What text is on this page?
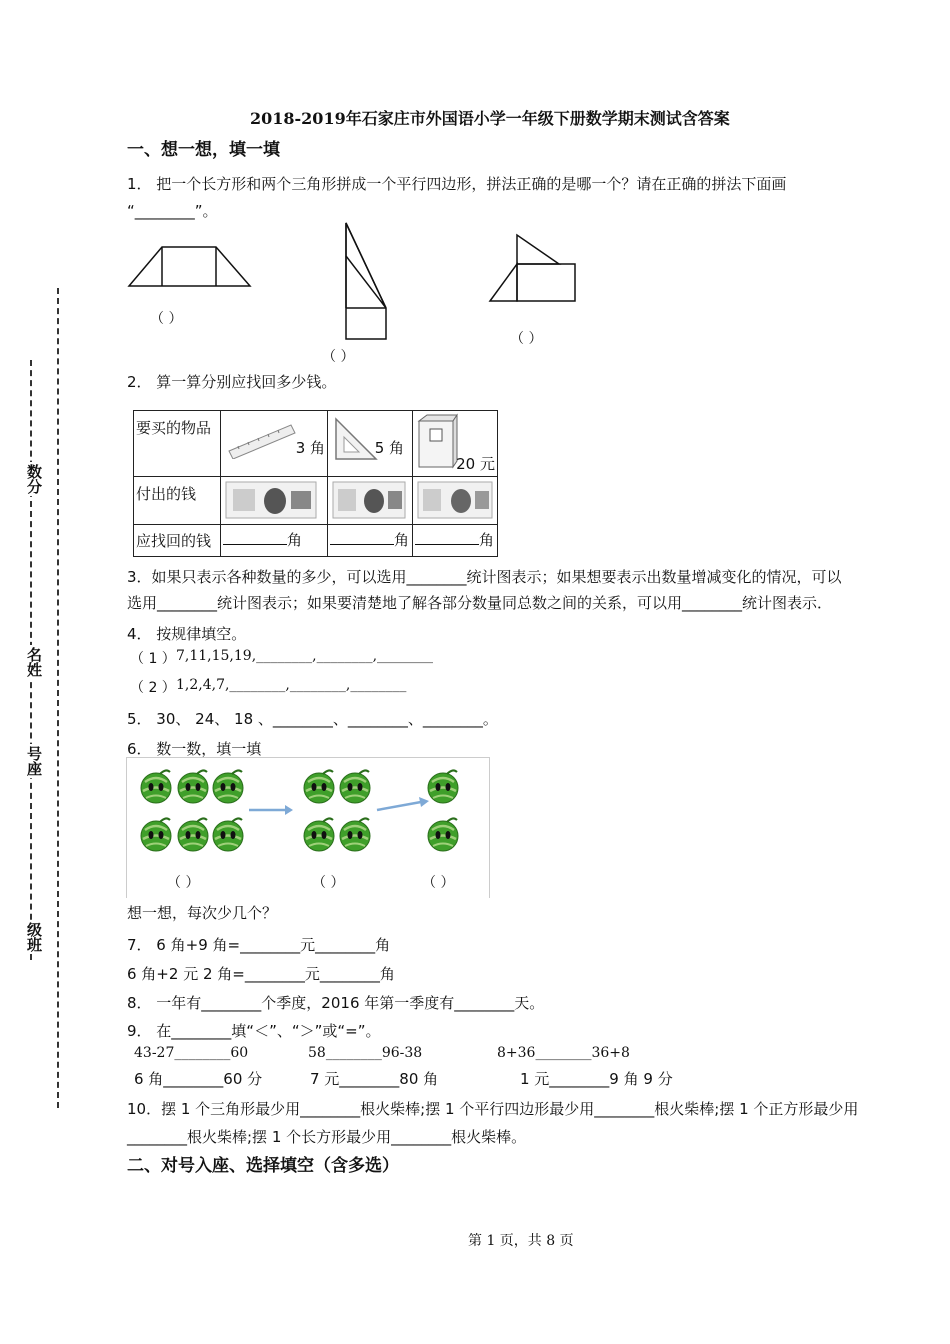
数分
名姓
号座
级班
2018-2019年石家庄市外国语小学一年级下册数学期末测试含答案
一、想一想，填一填
1． 把一个长方形和两个三角形拼成一个平行四边形，拼法正确的是哪一个？请在正确的拼法下面画
“________”。
（ ）
（ ）
（ ）
2． 算一算分别应找回多少钱。
要买的物品	3 角	5 角	20 元

付出的钱

应找回的钱	角	角	角
3．如果只表示各种数量的多少，可以选用________统计图表示；如果想要表示出数量增减变化的情况，可以
选用________统计图表示；如果要清楚地了解各部分数量同总数之间的关系，可以用________统计图表示．
4． 按规律填空。
（ 1 ） 7,11,15,19,________,________,________
（ 2 ） 1,2,4,7,________,________,________
5． 30、 24、 18 、________、________、________。
6． 数一数，填一填
（ ）	（ ）	（ ）
想一想，每次少几个？
7． 6 角+9 角=________元________角
6 角+2 元 2 角=________元________角
8． 一年有________个季度，2016 年第一季度有________天。
9． 在________填“＜”、“＞”或“=”。
43-27________60	58________96-38	8+36________36+8
6 角________60 分	7 元________80 角	1 元________9 角 9 分
10．摆 1 个三角形最少用________根火柴棒;摆 1 个平行四边形最少用________根火柴棒;摆 1 个正方形最少用
________根火柴棒;摆 1 个长方形最少用________根火柴棒。
二、对号入座、选择填空（含多选）
第 1 页，共 8 页
